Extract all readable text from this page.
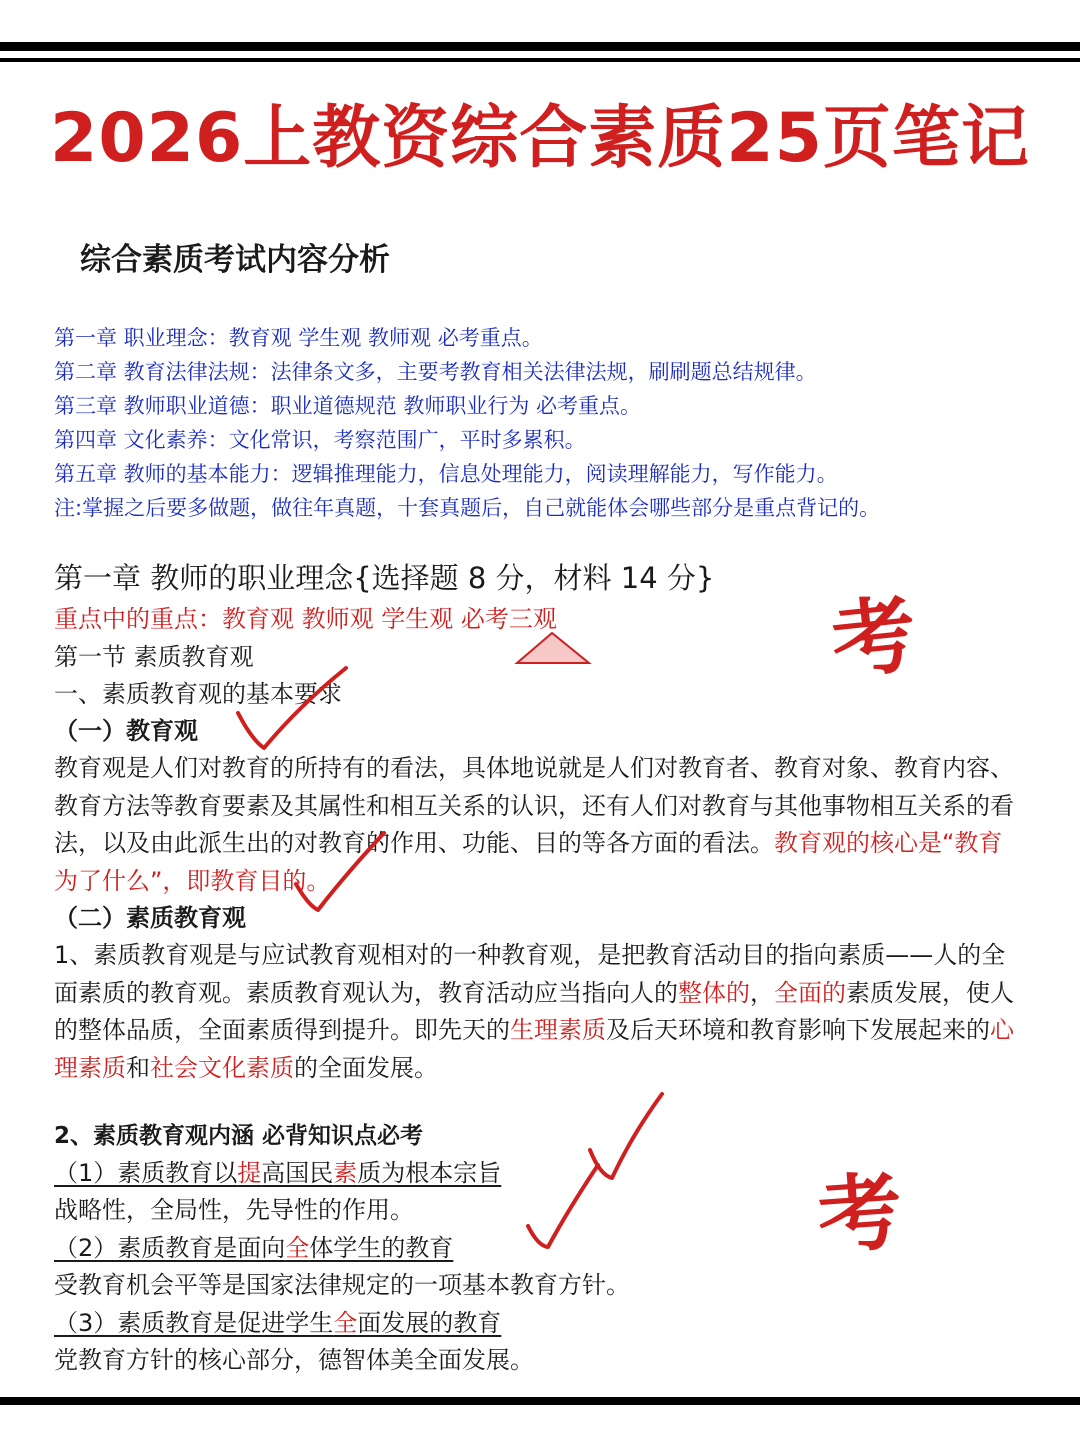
2026上教资综合素质25页笔记
综合素质考试内容分析
第一章 职业理念：教育观 学生观 教师观 必考重点。
第二章 教育法律法规：法律条文多，主要考教育相关法律法规，刷刷题总结规律。
第三章 教师职业道德：职业道德规范 教师职业行为 必考重点。
第四章 文化素养：文化常识，考察范围广，平时多累积。
第五章 教师的基本能力：逻辑推理能力，信息处理能力，阅读理解能力，写作能力。
注:掌握之后要多做题，做往年真题，十套真题后，自己就能体会哪些部分是重点背记的。
第一章 教师的职业理念{选择题 8 分，材料 14 分}
重点中的重点：教育观 教师观 学生观 必考三观
第一节 素质教育观
一、素质教育观的基本要求
（一）教育观

教育观是人们对教育的所持有的看法，具体地说就是人们对教育者、教育对象、教育内容、教育方法等教育要素及其属性和相互关系的认识，还有人们对教育与其他事物相互关系的看法，以及由此派生出的对教育的作用、功能、目的等各方面的看法。教育观的核心是“教育为了什么”，即教育目的。

（二）素质教育观

1、素质教育观是与应试教育观相对的一种教育观，是把教育活动目的指向素质——人的全面素质的教育观。素质教育观认为，教育活动应当指向人的整体的，全面的素质发展，使人的整体品质，全面素质得到提升。即先天的生理素质及后天环境和教育影响下发展起来的心理素质和社会文化素质的全面发展。

2、素质教育观内涵 必背知识点必考
（1）素质教育以提高国民素质为根本宗旨
战略性，全局性，先导性的作用。
（2）素质教育是面向全体学生的教育
受教育机会平等是国家法律规定的一项基本教育方针。
（3）素质教育是促进学生全面发展的教育
党教育方针的核心部分，德智体美全面发展。
考
考
